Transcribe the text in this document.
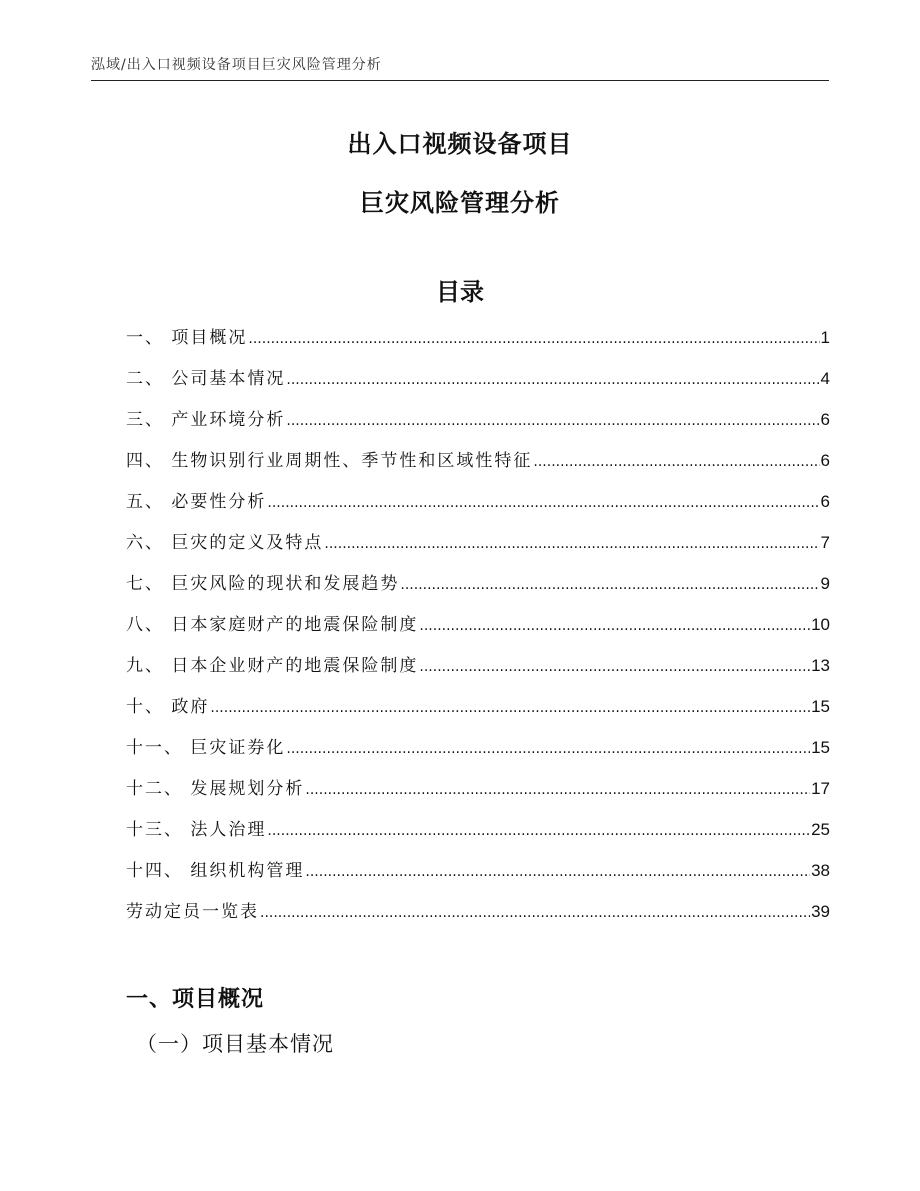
泓域/出入口视频设备项目巨灾风险管理分析
出入口视频设备项目
巨灾风险管理分析
目录
一、 项目概况 .....	1
二、 公司基本情况 .....	4
三、 产业环境分析 .....	6
四、 生物识别行业周期性、季节性和区域性特征 .....	6
五、 必要性分析 .....	6
六、 巨灾的定义及特点 .....	7
七、 巨灾风险的现状和发展趋势 .....	9
八、 日本家庭财产的地震保险制度 .....	10
九、 日本企业财产的地震保险制度 .....	13
十、 政府 .....	15
十一、 巨灾证券化 .....	15
十二、 发展规划分析 .....	17
十三、 法人治理 .....	25
十四、 组织机构管理 .....	38
劳动定员一览表 .....	39
一、项目概况
（一）项目基本情况
